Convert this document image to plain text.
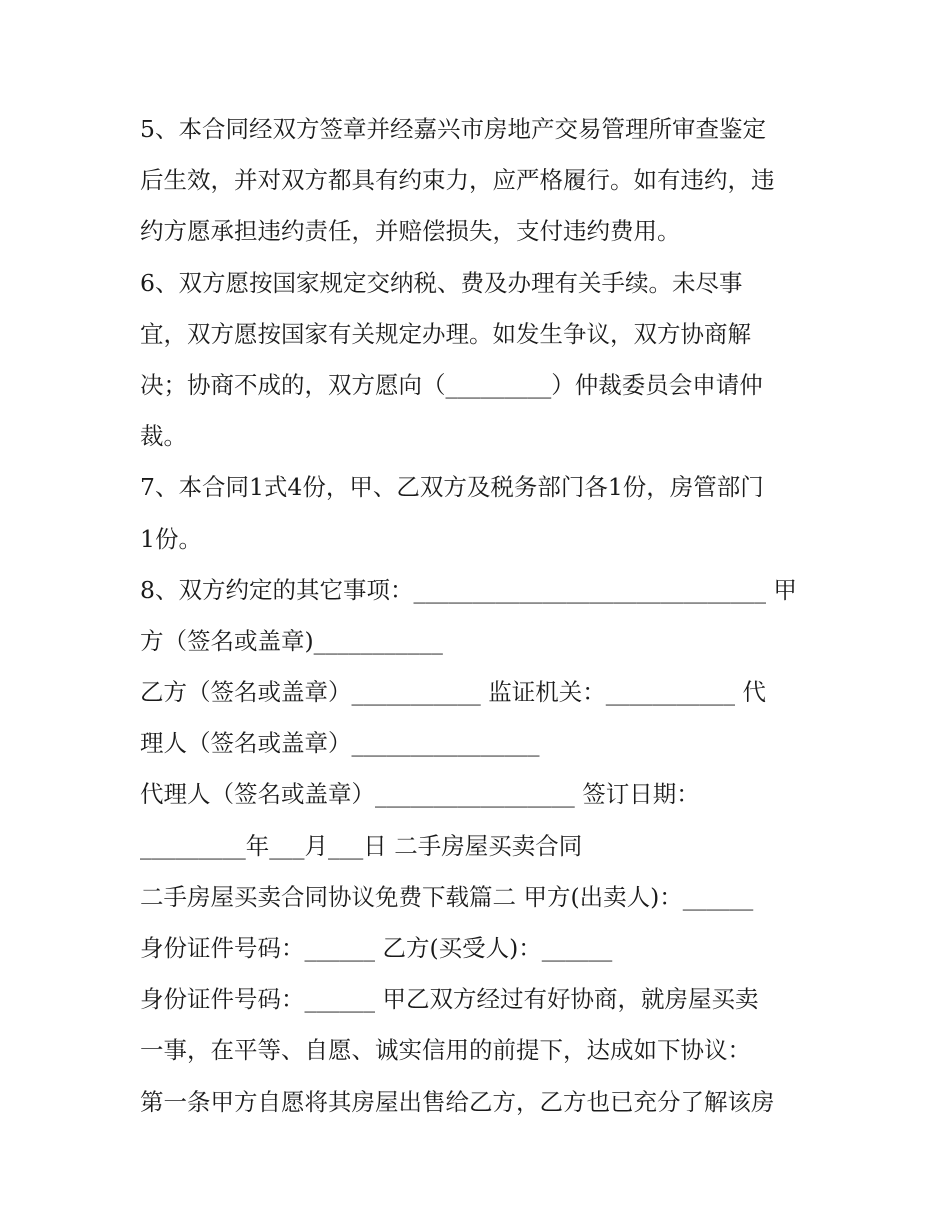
5、本合同经双方签章并经嘉兴市房地产交易管理所审查鉴定
后生效，并对双方都具有约束力，应严格履行。如有违约，违
约方愿承担违约责任，并赔偿损失，支付违约费用。
6、双方愿按国家规定交纳税、费及办理有关手续。未尽事
宜，双方愿按国家有关规定办理。如发生争议，双方协商解
决；协商不成的，双方愿向（_________）仲裁委员会申请仲
裁。
7、本合同1式4份，甲、乙双方及税务部门各1份，房管部门
1份。
8、双方约定的其它事项：______________________________ 甲
方（签名或盖章)___________
乙方（签名或盖章）___________ 监证机关：___________ 代
理人（签名或盖章）________________
代理人（签名或盖章）_________________ 签订日期：
_________年___月___日 二手房屋买卖合同
二手房屋买卖合同协议免费下载篇二 甲方(出卖人)：______
身份证件号码：______ 乙方(买受人)：______
身份证件号码：______ 甲乙双方经过有好协商，就房屋买卖
一事，在平等、自愿、诚实信用的前提下，达成如下协议：
第一条甲方自愿将其房屋出售给乙方，乙方也已充分了解该房
